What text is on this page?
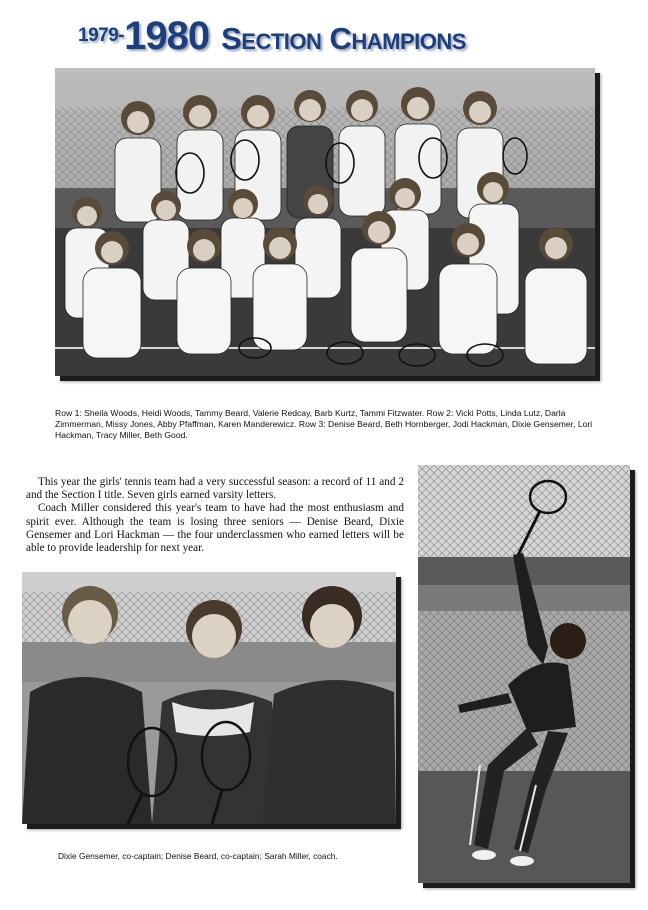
1979- 1980 Section Champions
Row 1: Sheila Woods, Heidi Woods, Tammy Beard, Valerie Redcay, Barb Kurtz, Tammi Fitzwater. Row 2: Vicki Potts, Linda Lutz, Darla Zimmerman, Missy Jones, Abby Pfaffman, Karen Manderewicz. Row 3: Denise Beard, Beth Hornberger, Jodi Hackman, Dixie Gensemer, Lori Hackman, Tracy Miller, Beth Good.

This year the girls' tennis team had a very successful season: a record of 11 and 2 and the Section I title. Seven girls earned varsity letters.

Coach Miller considered this year's team to have had the most enthusiasm and spirit ever. Although the team is losing three seniors — Denise Beard, Dixie Gensemer and Lori Hackman — the four underclassmen who earned letters will be able to provide leadership for next year.

Dixie Gensemer, co-captain; Denise Beard, co-captain; Sarah Miller, coach.
